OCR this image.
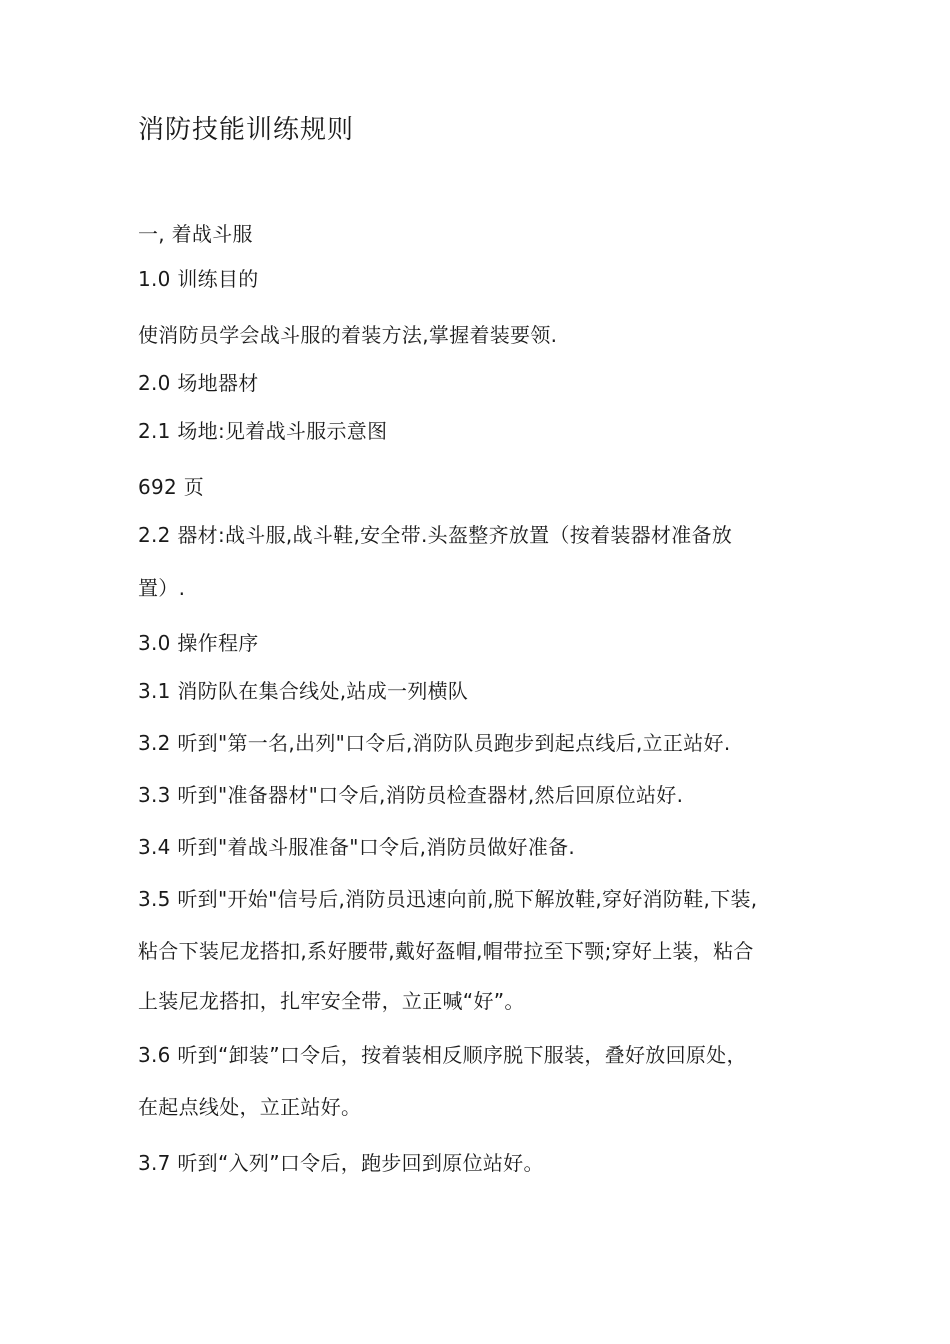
消防技能训练规则

一, 着战斗服

1.0 训练目的

使消防员学会战斗服的着装方法,掌握着装要领.

2.0 场地器材

2.1 场地:见着战斗服示意图

692 页

2.2 器材:战斗服,战斗鞋,安全带.头盔整齐放置（按着装器材准备放

置）.

3.0 操作程序

3.1 消防队在集合线处,站成一列横队

3.2 听到"第一名,出列"口令后,消防队员跑步到起点线后,立正站好.

3.3 听到"准备器材"口令后,消防员检查器材,然后回原位站好.

3.4 听到"着战斗服准备"口令后,消防员做好准备.

3.5 听到"开始"信号后,消防员迅速向前,脱下解放鞋,穿好消防鞋,下装,

粘合下装尼龙搭扣,系好腰带,戴好盔帽,帽带拉至下颚;穿好上装，粘合

上装尼龙搭扣，扎牢安全带，立正喊“好”。

3.6 听到“卸装”口令后，按着装相反顺序脱下服装，叠好放回原处，

在起点线处，立正站好。

3.7 听到“入列”口令后，跑步回到原位站好。
